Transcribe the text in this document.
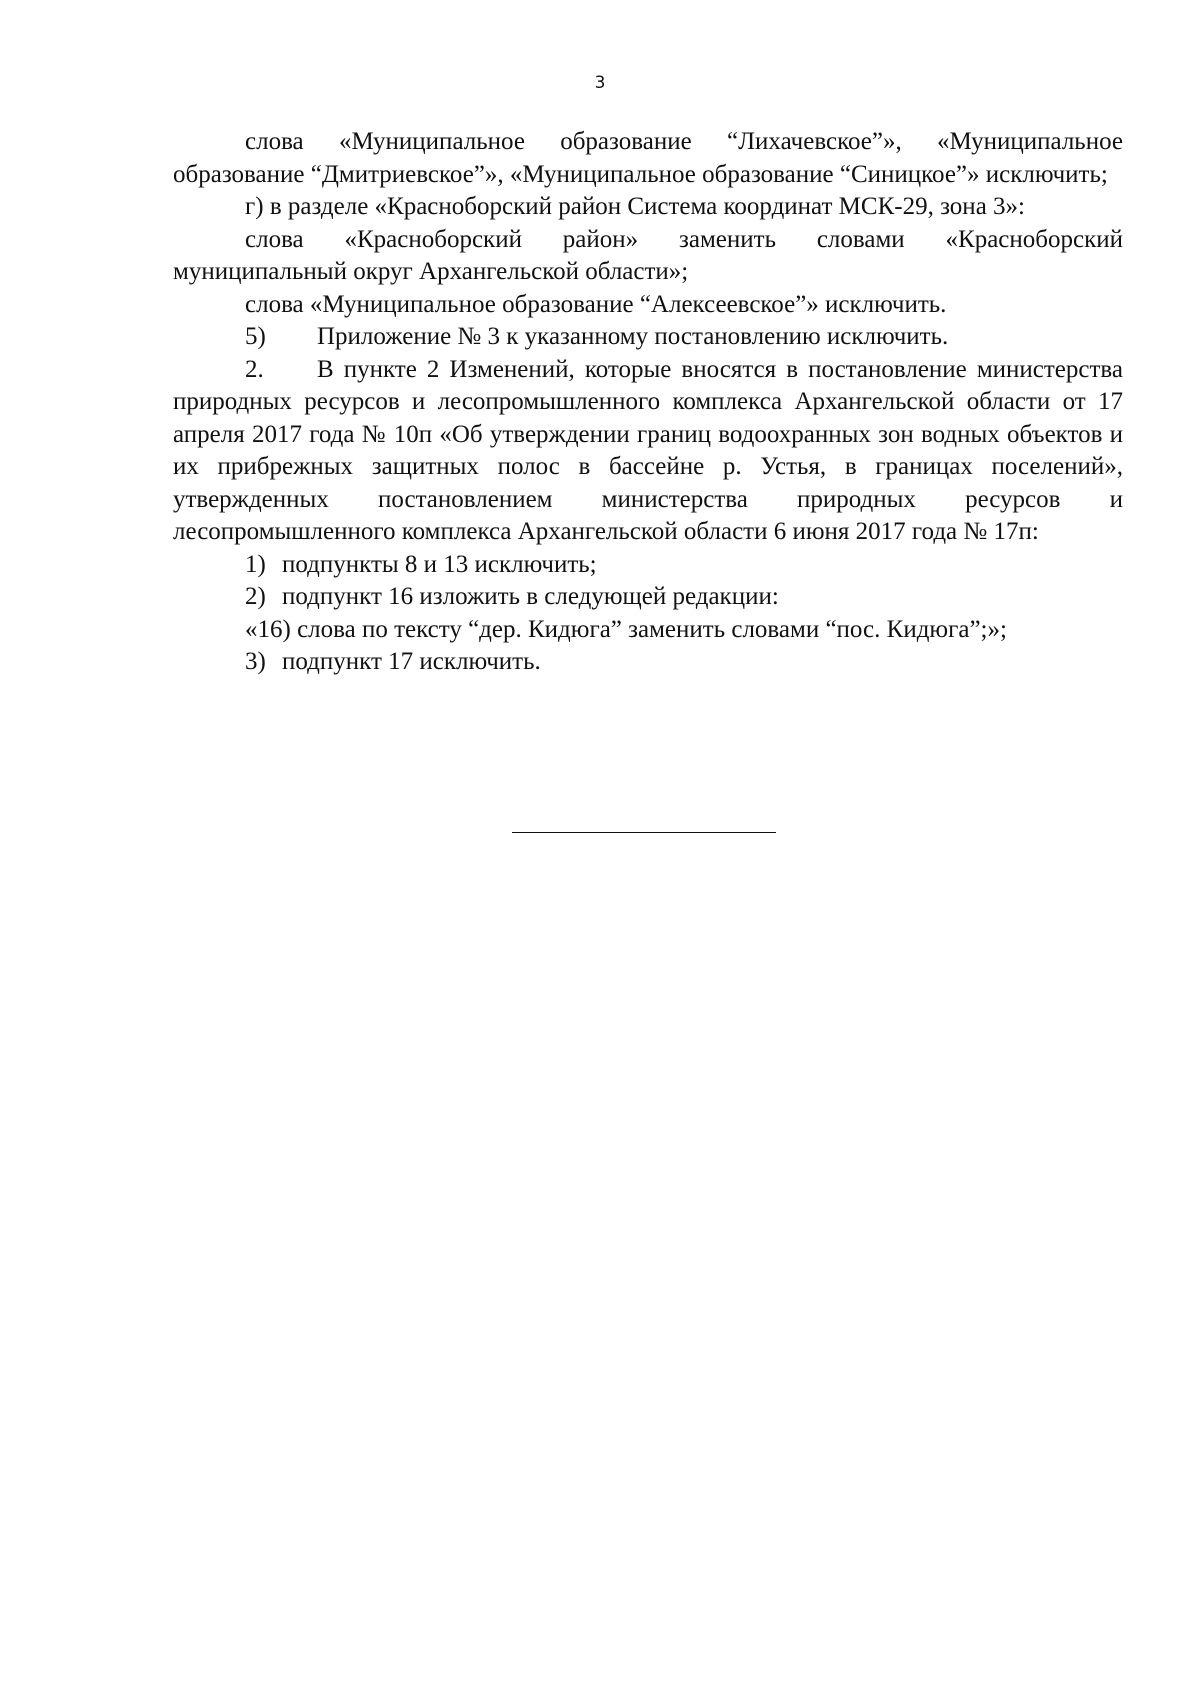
3

слова «Муниципальное образование “Лихачевское”», «Муниципальное образование “Дмитриевское”», «Муниципальное образование “Синицкое”» исключить;

г) в разделе «Красноборский район Система координат МСК-29, зона 3»:

слова «Красноборский район» заменить словами «Красноборский муниципальный округ Архангельской области»;

слова «Муниципальное образование “Алексеевское”» исключить.

5)	Приложение № 3 к указанному постановлению исключить.

2. В пункте 2 Изменений, которые вносятся в постановление министерства природных ресурсов и лесопромышленного комплекса Архангельской области от 17 апреля 2017 года № 10п «Об утверждении границ водоохранных зон водных объектов и их прибрежных защитных полос в бассейне р. Устья, в границах поселений», утвержденных постановлением министерства природных ресурсов и лесопромышленного комплекса Архангельской области 6 июня 2017 года № 17п:

1) подпункты 8 и 13 исключить;
2) подпункт 16 изложить в следующей редакции:

«16) слова по тексту “дер. Кидюга” заменить словами “пос. Кидюга”;»;

3) подпункт 17 исключить.
